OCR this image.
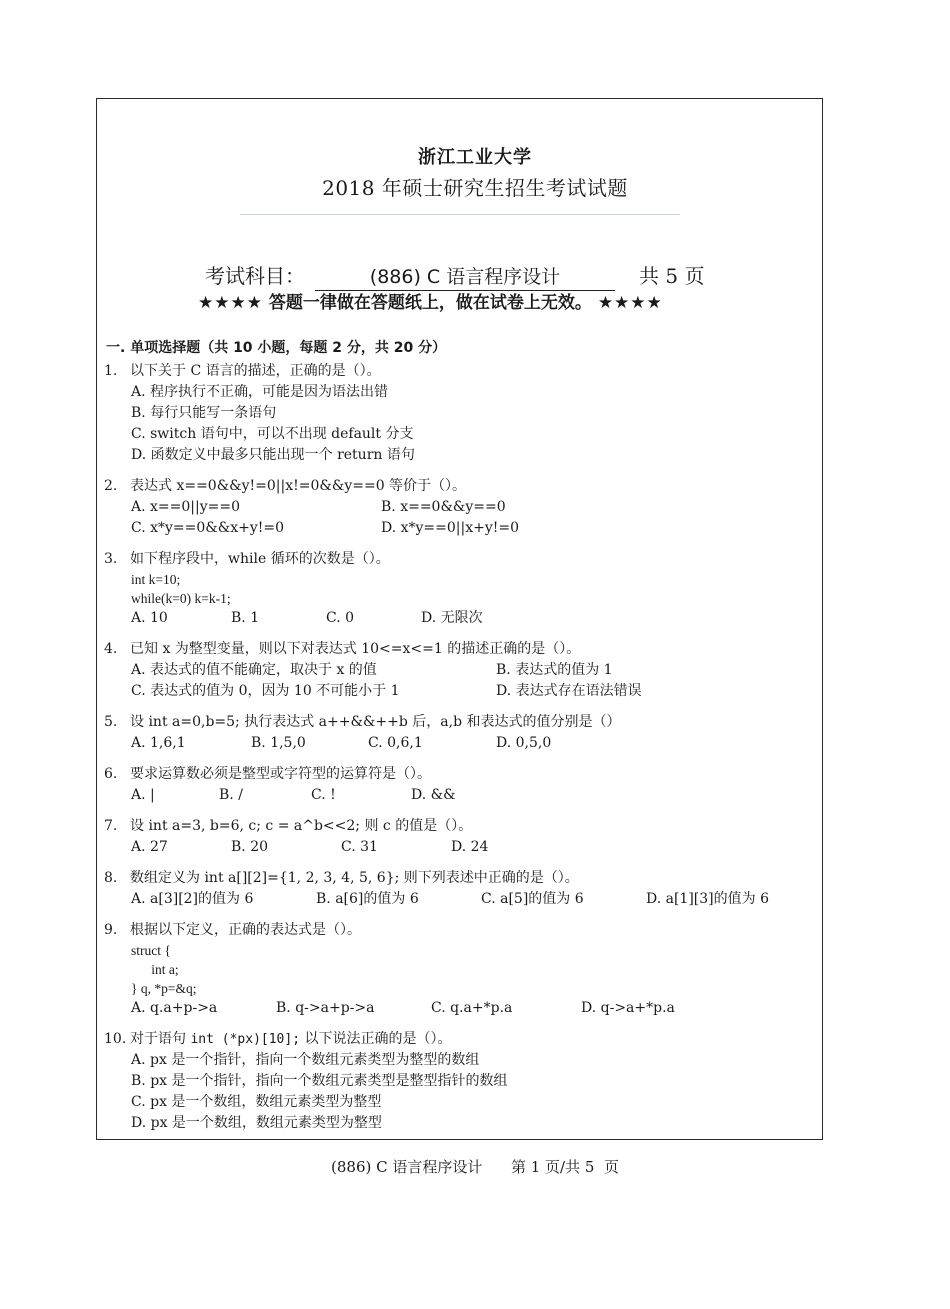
浙江工业大学
2018 年硕士研究生招生考试试题
考试科目：	(886) C 语言程序设计	共 5 页
★★★★ 答题一律做在答题纸上，做在试卷上无效。 ★★★★
一. 单项选择题（共 10 小题，每题 2 分，共 20 分）
1. 以下关于 C 语言的描述，正确的是（）。
A. 程序执行不正确，可能是因为语法出错
B. 每行只能写一条语句
C. switch 语句中，可以不出现 default 分支
D. 函数定义中最多只能出现一个 return 语句
2. 表达式 x==0&&y!=0||x!=0&&y==0 等价于（）。
A. x==0||y==0	B. x==0&&y==0
C. x*y==0&&x+y!=0	D. x*y==0||x+y!=0
3. 如下程序段中，while 循环的次数是（）。
int k=10;
while(k=0) k=k-1;
A. 10	B. 1	C. 0	D. 无限次
4. 已知 x 为整型变量，则以下对表达式 10<=x<=1 的描述正确的是（）。
A. 表达式的值不能确定，取决于 x 的值	B. 表达式的值为 1
C. 表达式的值为 0，因为 10 不可能小于 1	D. 表达式存在语法错误
5. 设 int a=0,b=5; 执行表达式 a++&&++b 后，a,b 和表达式的值分别是（）
A. 1,6,1	B. 1,5,0	C. 0,6,1	D. 0,5,0
6. 要求运算数必须是整型或字符型的运算符是（）。
A. |	B. /	C. !	D. &&
7. 设 int a=3, b=6, c; c = a^b<<2; 则 c 的值是（）。
A. 27	B. 20	C. 31	D. 24
8. 数组定义为 int a[][2]={1, 2, 3, 4, 5, 6}; 则下列表述中正确的是（）。
A. a[3][2]的值为 6	B. a[6]的值为 6	C. a[5]的值为 6	D. a[1][3]的值为 6
9. 根据以下定义，正确的表达式是（）。
struct {
int a;
} q, *p=&q;
A. q.a+p->a	B. q->a+p->a	C. q.a+*p.a	D. q->a+*p.a
10. 对于语句 int (*px)[10]; 以下说法正确的是（）。
A. px 是一个指针，指向一个数组元素类型为整型的数组
B. px 是一个指针，指向一个数组元素类型是整型指针的数组
C. px 是一个数组，数组元素类型为整型
D. px 是一个数组，数组元素类型为整型
(886) C 语言程序设计      第 1 页/共 5  页
